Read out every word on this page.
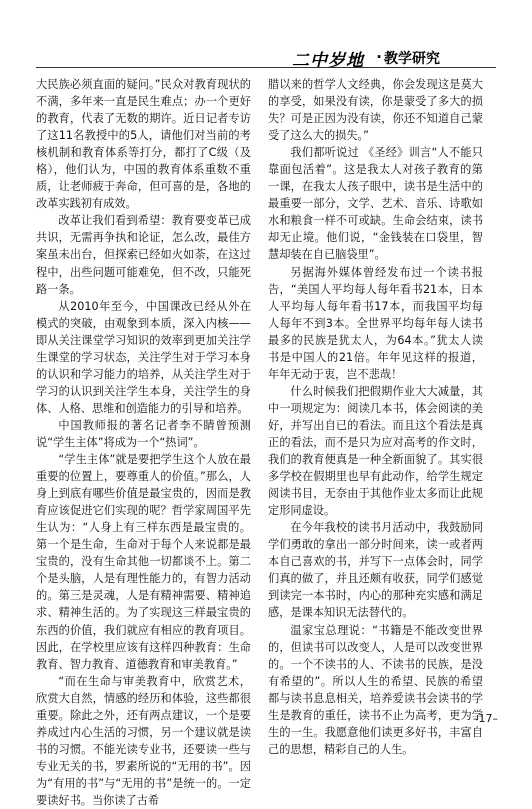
二中岁地 · 教学研究

大民族必须直面的疑问。”民众对教育现状的不满，多年来一直是民生难点；办一个更好的教育，代表了无数的期许。近日记者专访了这11名教授中的5人，请他们对当前的考核机制和教育体系等打分，都打了C级（及格），他们认为，中国的教育体系重数不重质，让老师疲于奔命，但可喜的是，各地的改革实践初有成效。

改革让我们看到希望：教育要变革已成共识，无需再争执和论证，怎么改，最佳方案虽未出台，但探索已经如火如荼，在这过程中，出些问题可能难免，但不改，只能死路一条。

从2010年至今，中国课改已经从外在模式的突破，由观象到本质，深入内核——即从关注课堂学习知识的效率到更加关注学生课堂的学习状态，关注学生对于学习本身的认识和学习能力的培养，从关注学生对于学习的认识到关注学生本身，关注学生的身体、人格、思维和创造能力的引导和培养。

中国教师报的著名记者李不睛曾预测说“学生主体”将成为一个“热词”。

“学生主体”就是要把学生这个人放在最重要的位置上，要尊重人的价值。”那么，人身上到底有哪些价值是最宝贵的，因而是教育应该促进它们实现的呢？哲学家周国平先生认为：“人身上有三样东西是最宝贵的。第一个是生命，生命对于每个人来说都是最宝贵的，没有生命其他一切都谈不上。第二个是头脑，人是有理性能力的，有智力活动的。第三是灵魂，人是有精神需要、精神追求、精神生活的。为了实现这三样最宝贵的东西的价值，我们就应有相应的教育项目。因此，在学校里应该有这样四种教育：生命教育、智力教育、道德教育和审美教育。”

“而在生命与审美教育中，欣赏艺术，欣赏大自然，情感的经历和体验，这些都很重要。除此之外，还有两点建议，一个是要养成过内心生活的习惯，另一个建议就是读书的习惯。不能光读专业书，还要读一些与专业无关的书，罗素所说的“无用的书”。因为“有用的书”与“无用的书”是统一的。一定要读好书。当你读了古希

腊以来的哲学人文经典，你会发现这是莫大的享受，如果没有读，你是蒙受了多大的损失？可是正因为没有读，你还不知道自己蒙受了这么大的损失。”

我们都听说过 《圣经》训言“人不能只靠面包活着”。这是我太人对孩子教育的第一课，在我太人孩子眼中，读书是生活中的最重要一部分，文学、艺术、音乐、诗歌如水和粮食一样不可或缺。生命会结束，读书却无止境。他们说，“金钱装在口袋里，智慧却装在自已脑袋里”。

另据海外媒体曾经发布过一个读书报告，“美国人平均每人每年看书21本，日本人平均每人每年看书17本，而我国平均每人每年不到3本。全世界平均每年每人读书最多的民族是犹太人，为64本。”犹太人读书是中国人的21倍。年年见这样的报道，年年无动于衷，岂不悲哉！

什么时候我们把假期作业大大减量，其中一项规定为：阅读几本书，体会阅读的美好，并写出自已的看法。而且这个看法是真正的看法，而不是只为应对高考的作文时，我们的教育便真是一种全新面貌了。其实很多学校在假期里也早有此动作，给学生规定阅读书目，无奈由于其他作业太多而让此规定形同虚设。

在今年我校的读书月活动中，我鼓励同学们勇敢的拿出一部分时间来，读一或者两本自己喜欢的书，并写下一点体会时，同学们真的做了，并且还颇有收获，同学们感觉到读完一本书时，内心的那种充实感和满足感，是课本知识无法替代的。

温家宝总理说：“书籍是不能改变世界的，但读书可以改变人，人是可以改变世界的。一个不读书的人、不读书的民族，是没有希望的”。所以人生的希望、民族的希望都与读书息息相关，培养爱读书会读书的学生是教育的重任，读书不止为高考，更为学生的一生。我愿意他们读更多好书，丰富自己的思想，精彩自己的人生。

–17–
